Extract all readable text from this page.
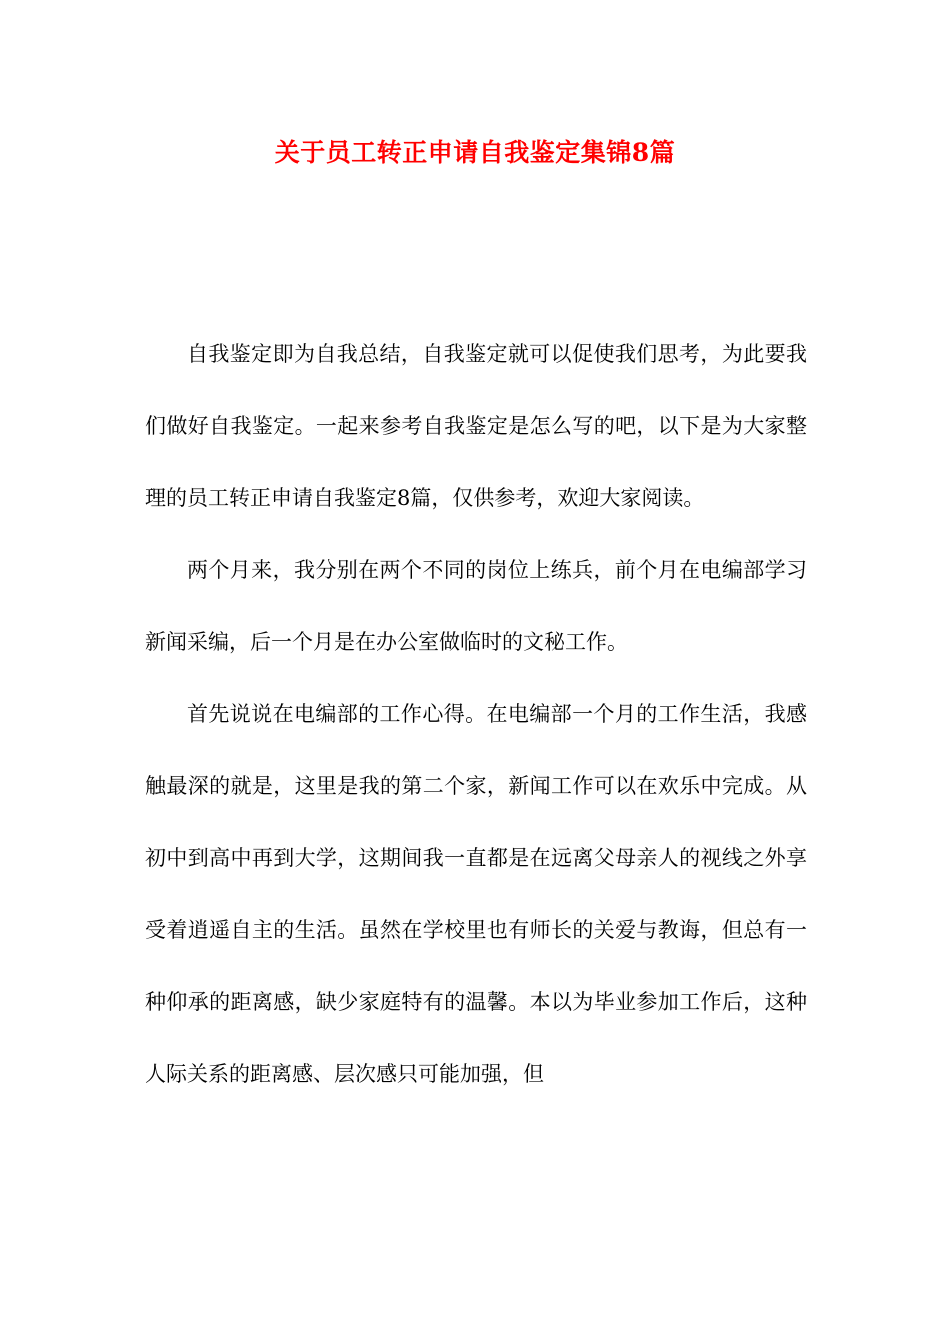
关于员工转正申请自我鉴定集锦8篇

自我鉴定即为自我总结，自我鉴定就可以促使我们思考，为此要我们做好自我鉴定。一起来参考自我鉴定是怎么写的吧，以下是为大家整理的员工转正申请自我鉴定8篇，仅供参考，欢迎大家阅读。

两个月来，我分别在两个不同的岗位上练兵，前个月在电编部学习新闻采编，后一个月是在办公室做临时的文秘工作。

首先说说在电编部的工作心得。在电编部一个月的工作生活，我感触最深的就是，这里是我的第二个家，新闻工作可以在欢乐中完成。从初中到高中再到大学，这期间我一直都是在远离父母亲人的视线之外享受着逍遥自主的生活。虽然在学校里也有师长的关爱与教诲，但总有一种仰承的距离感，缺少家庭特有的温馨。本以为毕业参加工作后，这种人际关系的距离感、层次感只可能加强，但
